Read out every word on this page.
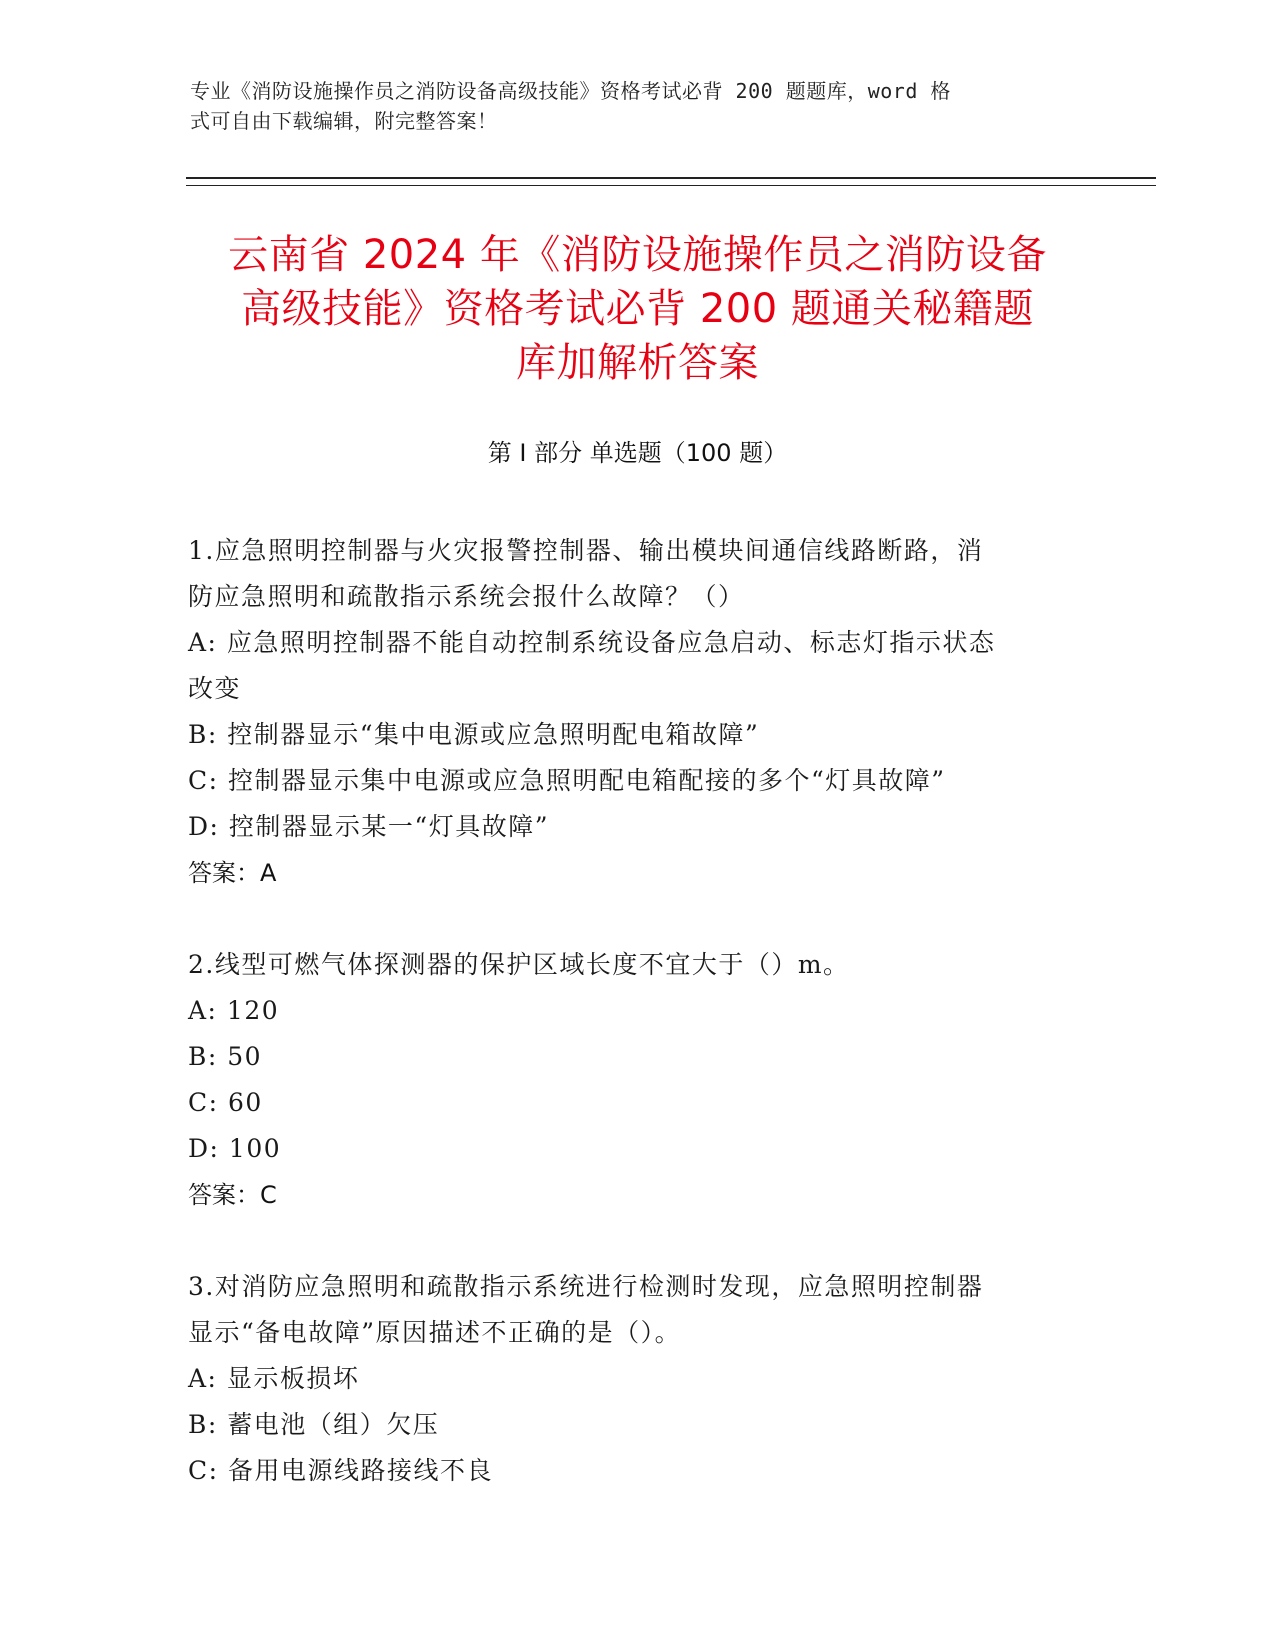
专业《消防设施操作员之消防设备高级技能》资格考试必背 200 题题库，word 格
式可自由下载编辑，附完整答案！
云南省 2024 年《消防设施操作员之消防设备
高级技能》资格考试必背 200 题通关秘籍题
库加解析答案
第 I 部分 单选题（100 题）

1.应急照明控制器与火灾报警控制器、输出模块间通信线路断路，消

防应急照明和疏散指示系统会报什么故障？（）

A: 应急照明控制器不能自动控制系统设备应急启动、标志灯指示状态

改变

B: 控制器显示“集中电源或应急照明配电箱故障”

C: 控制器显示集中电源或应急照明配电箱配接的多个“灯具故障”

D: 控制器显示某一“灯具故障”

答案：A

2.线型可燃气体探测器的保护区域长度不宜大于（）m。

A: 120

B: 50

C: 60

D: 100

答案：C

3.对消防应急照明和疏散指示系统进行检测时发现，应急照明控制器

显示“备电故障”原因描述不正确的是（）。

A: 显示板损坏

B: 蓄电池（组）欠压

C: 备用电源线路接线不良
